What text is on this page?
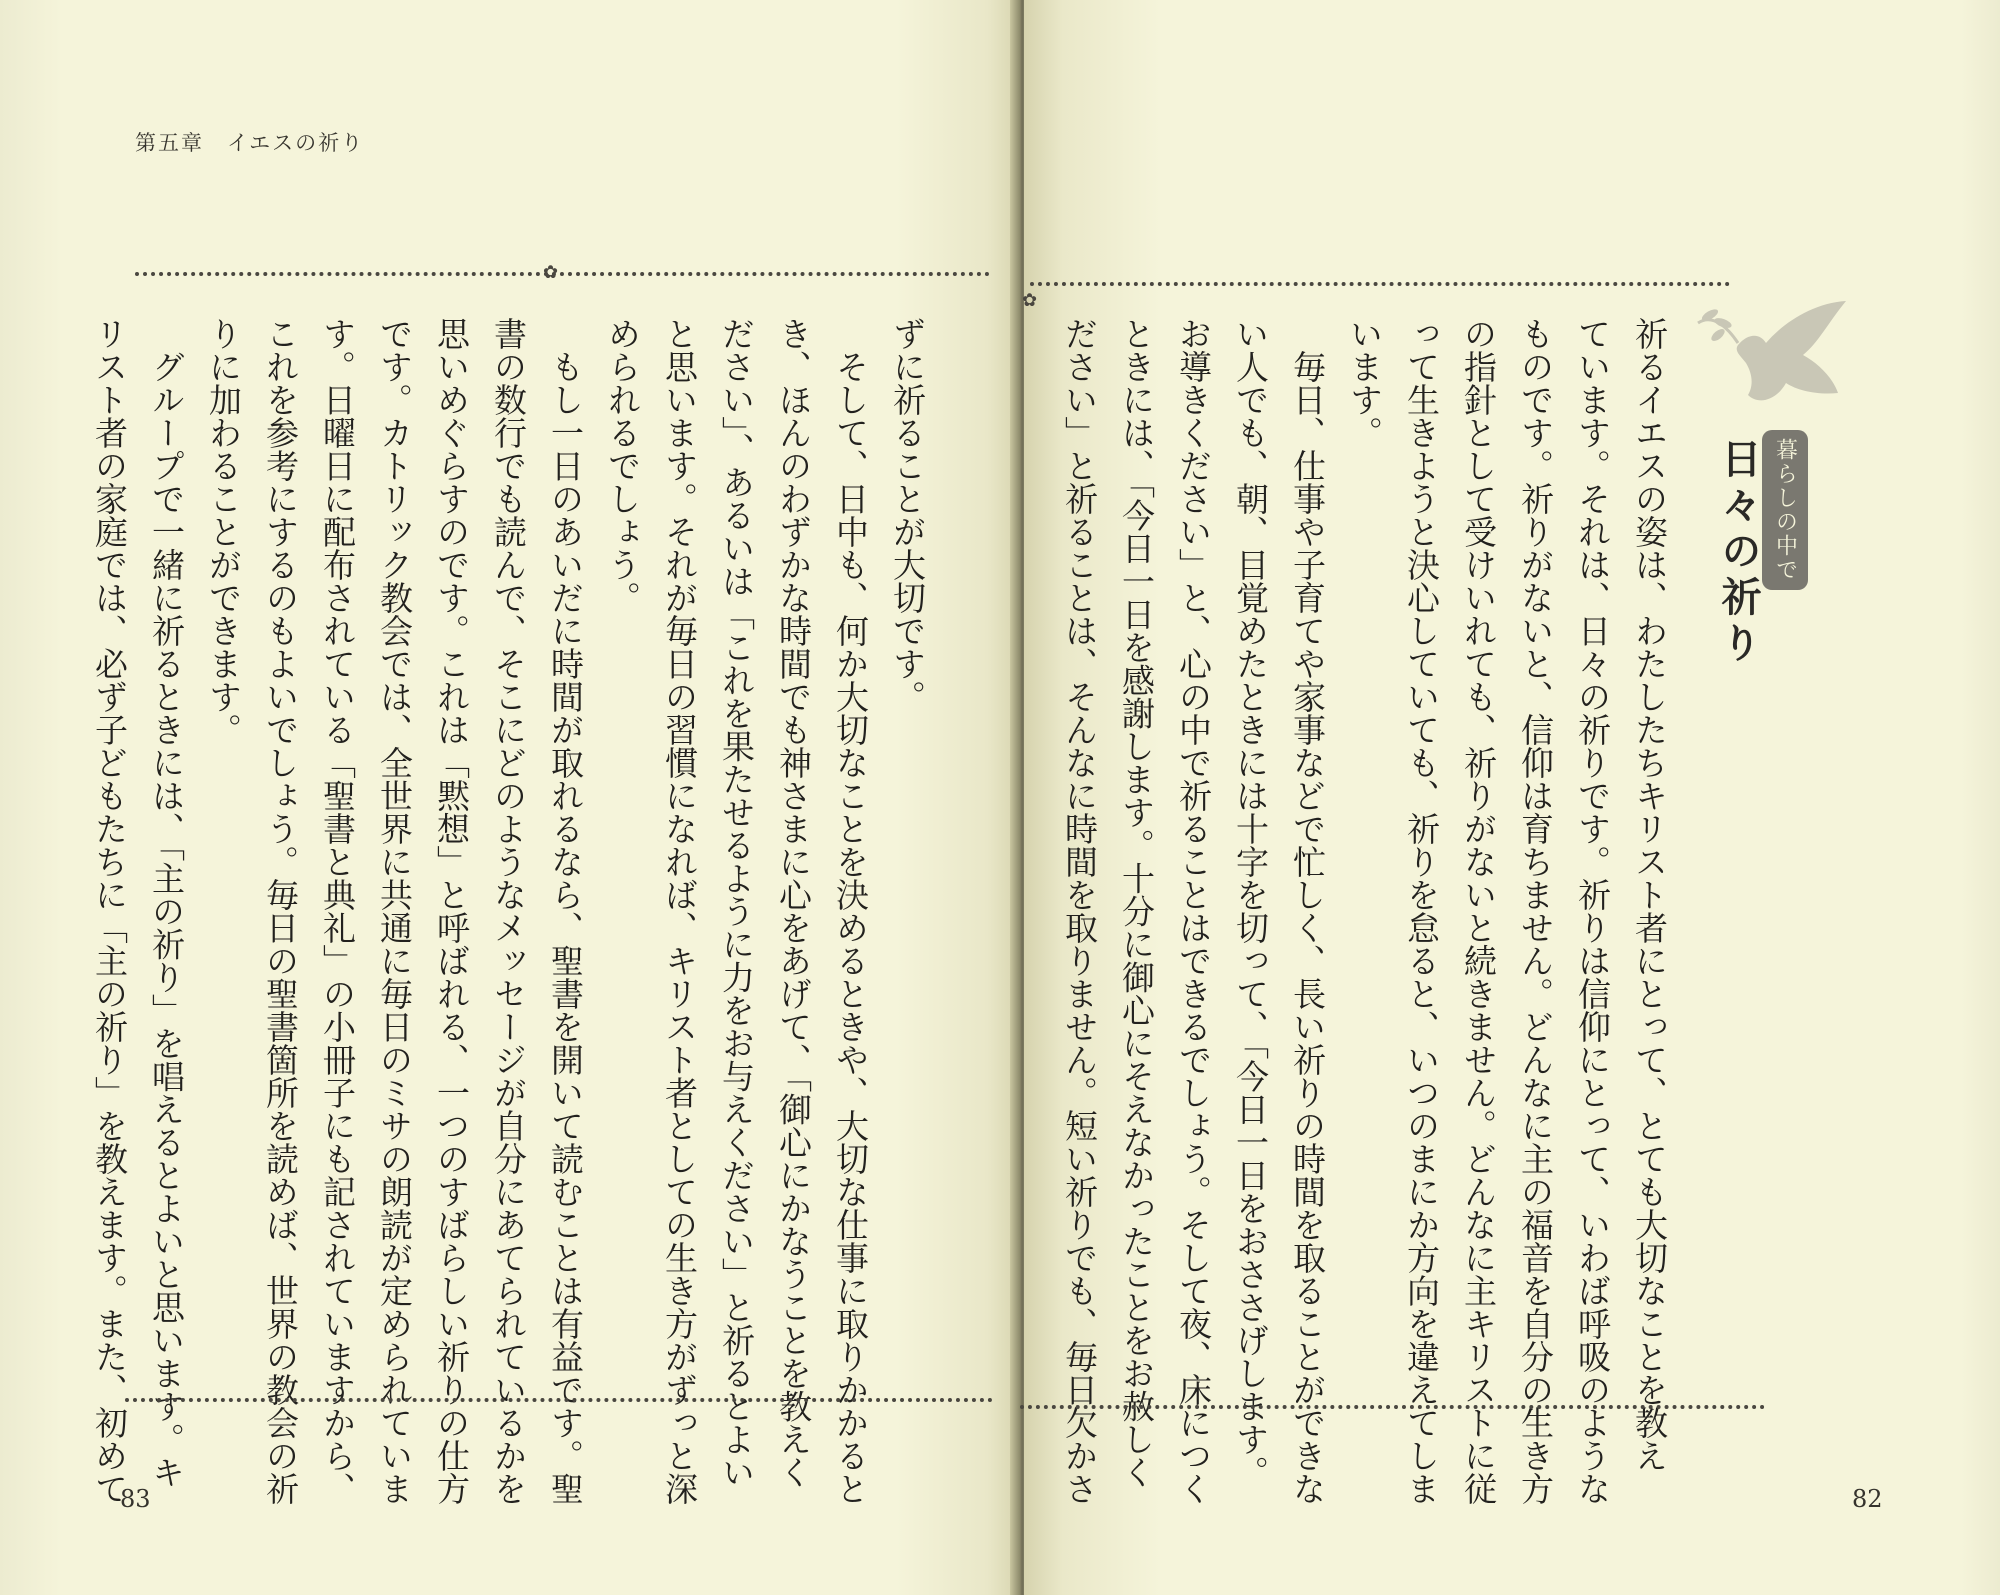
第五章　イエスの祈り
✿
ずに祈ることが大切です。
　そして、日中も、何か大切なことを決めるときや、大切な仕事に取りかかると
き、ほんのわずかな時間でも神さまに心をあげて、「御心にかなうことを教えく
ださい」、あるいは「これを果たせるように力をお与えください」と祈るとよい
と思います。それが毎日の習慣になれば、キリスト者としての生き方がずっと深
められるでしょう。
　もし一日のあいだに時間が取れるなら、聖書を開いて読むことは有益です。聖
書の数行でも読んで、そこにどのようなメッセージが自分にあてられているかを
思いめぐらすのです。これは「黙想」と呼ばれる、一つのすばらしい祈りの仕方
です。カトリック教会では、全世界に共通に毎日のミサの朗読が定められていま
す。日曜日に配布されている「聖書と典礼」の小冊子にも記されていますから、
これを参考にするのもよいでしょう。毎日の聖書箇所を読めば、世界の教会の祈
りに加わることができます。
　グループで一緒に祈るときには、「主の祈り」を唱えるとよいと思います。キ
リスト者の家庭では、必ず子どもたちに「主の祈り」を教えます。また、初めて
83
✿
暮らしの中で
日々の祈り
祈るイエスの姿は、わたしたちキリスト者にとって、とても大切なことを教え
ています。それは、日々の祈りです。祈りは信仰にとって、いわば呼吸のような
ものです。祈りがないと、信仰は育ちません。どんなに主の福音を自分の生き方
の指針として受けいれても、祈りがないと続きません。どんなに主キリストに従
って生きようと決心していても、祈りを怠ると、いつのまにか方向を違えてしま
います。
　毎日、仕事や子育てや家事などで忙しく、長い祈りの時間を取ることができな
い人でも、朝、目覚めたときには十字を切って、「今日一日をおささげします。
お導きください」と、心の中で祈ることはできるでしょう。そして夜、床につく
ときには、「今日一日を感謝します。十分に御心にそえなかったことをお赦しく
ださい」と祈ることは、そんなに時間を取りません。短い祈りでも、毎日欠かさ	82
